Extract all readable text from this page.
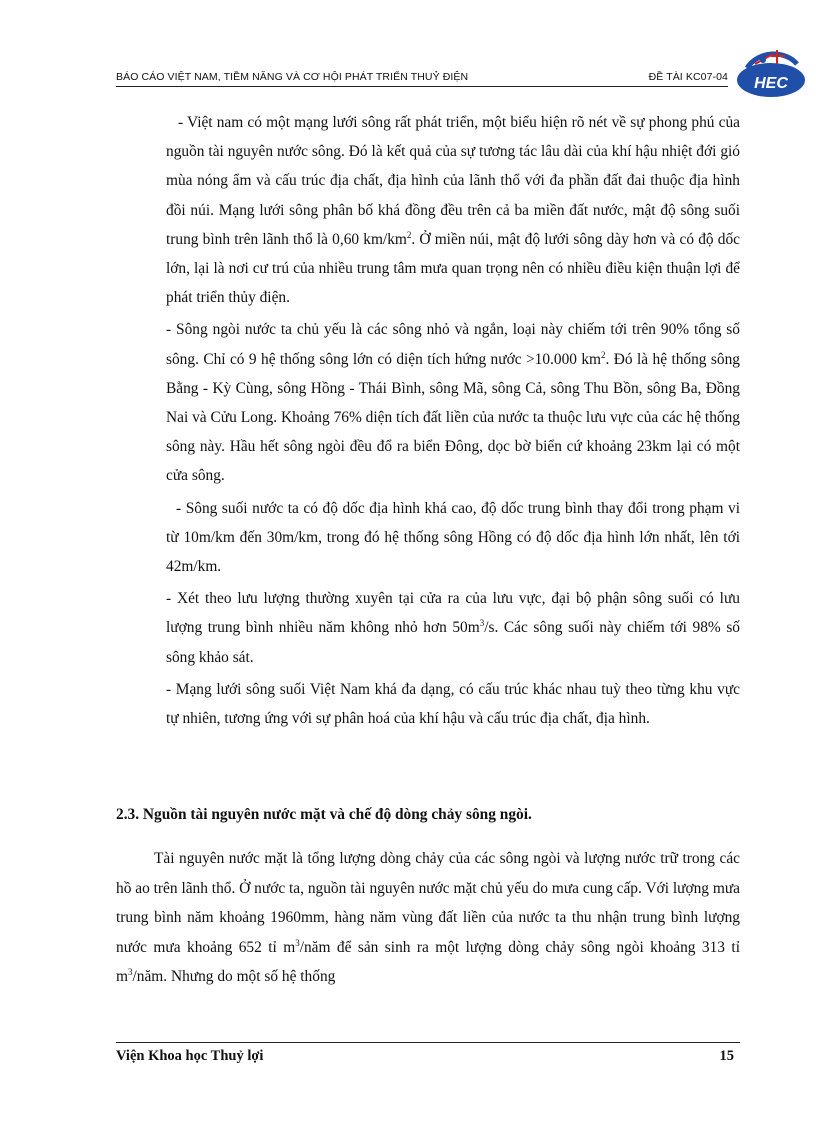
BÁO CÁO VIỆT NAM, TIỀM NĂNG VÀ CƠ HỘI PHÁT TRIỂN THUỶ ĐIỆN	ĐỀ TÀI KC07-04 HEC

- Việt nam có một mạng lưới sông rất phát triển, một biểu hiện rõ nét về sự phong phú của nguồn tài nguyên nước sông. Đó là kết quả của sự tương tác lâu dài của khí hậu nhiệt đới gió mùa nóng ẩm và cấu trúc địa chất, địa hình của lãnh thổ với đa phần đất đai thuộc địa hình đồi núi. Mạng lưới sông phân bố khá đồng đều trên cả ba miền đất nước, mật độ sông suối trung bình trên lãnh thổ là 0,60 $km/km^2$. Ở miền núi, mật độ lưới sông dày hơn và có độ dốc lớn, lại là nơi cư trú của nhiều trung tâm mưa quan trọng nên có nhiều điều kiện thuận lợi để phát triển thủy điện.

- Sông ngòi nước ta chủ yếu là các sông nhỏ và ngắn, loại này chiếm tới trên 90% tổng số sông. Chỉ có 9 hệ thống sông lớn có diện tích hứng nước >10.000 $km^2$. Đó là hệ thống sông Bằng - Kỳ Cùng, sông Hồng - Thái Bình, sông Mã, sông Cả, sông Thu Bồn, sông Ba, Đồng Nai và Cửu Long. Khoảng 76% diện tích đất liền của nước ta thuộc lưu vực của các hệ thống sông này. Hầu hết sông ngòi đều đổ ra biển Đông, dọc bờ biển cứ khoảng 23km lại có một cửa sông.

- Sông suối nước ta có độ dốc địa hình khá cao, độ dốc trung bình thay đổi trong phạm vi từ 10m/km đến 30m/km, trong đó hệ thống sông Hồng có độ dốc địa hình lớn nhất, lên tới 42m/km.

- Xét theo lưu lượng thường xuyên tại cửa ra của lưu vực, đại bộ phận sông suối có lưu lượng trung bình nhiều năm không nhỏ hơn $50m^3/s$. Các sông suối này chiếm tới 98% số sông khảo sát.

- Mạng lưới sông suối Việt Nam khá đa dạng, có cấu trúc khác nhau tuỳ theo từng khu vực tự nhiên, tương ứng với sự phân hoá của khí hậu và cấu trúc địa chất, địa hình.

2.3. Nguồn tài nguyên nước mặt và chế độ dòng chảy sông ngòi.

Tài nguyên nước mặt là tổng lượng dòng chảy của các sông ngòi và lượng nước trữ trong các hồ ao trên lãnh thổ. Ở nước ta, nguồn tài nguyên nước mặt chủ yếu do mưa cung cấp. Với lượng mưa trung bình năm khoảng 1960mm, hàng năm vùng đất liền của nước ta thu nhận trung bình lượng nước mưa khoảng 652 tỉ $m^3$/năm để sản sinh ra một lượng dòng chảy sông ngòi khoảng 313 tỉ $m^3$/năm. Nhưng do một số hệ thống

Viện Khoa học Thuỷ lợi	15
